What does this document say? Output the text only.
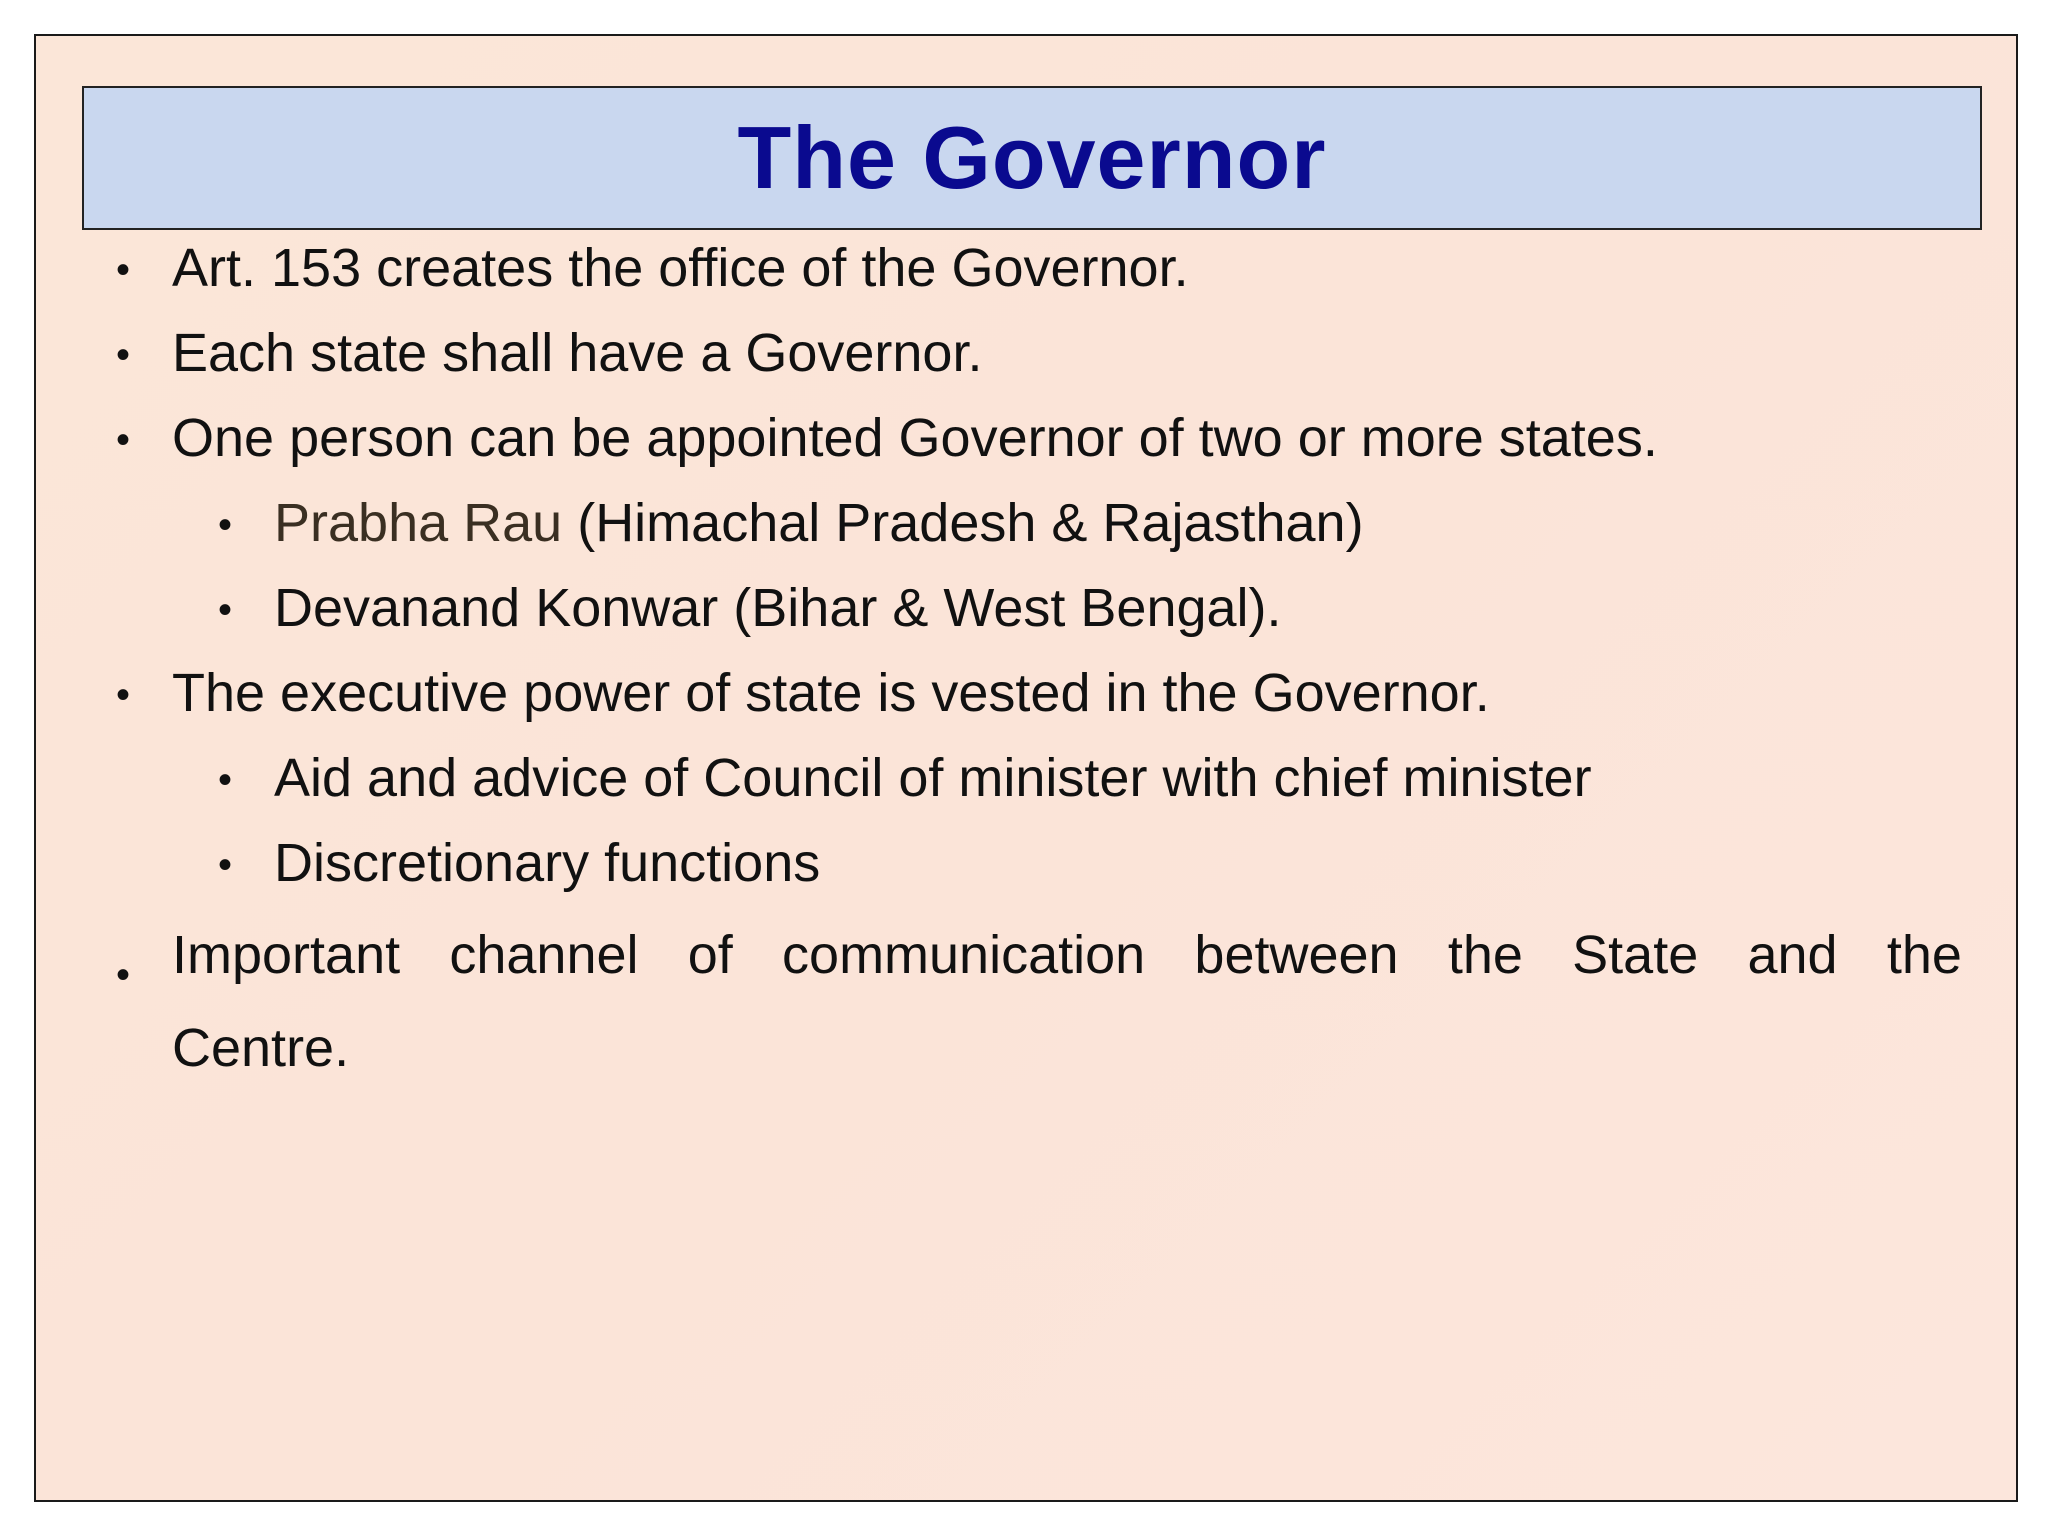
The Governor
• Art. 153 creates the office of the Governor.
• Each state shall have a Governor.
• One person can be appointed Governor of two or more states.
• Prabha Rau (Himachal Pradesh & Rajasthan)
• Devanand Konwar (Bihar & West Bengal).
• The executive power of state is vested in the Governor.
• Aid and advice of Council of minister with chief minister
• Discretionary functions
• Important channel of communication between the State and the
Centre.
